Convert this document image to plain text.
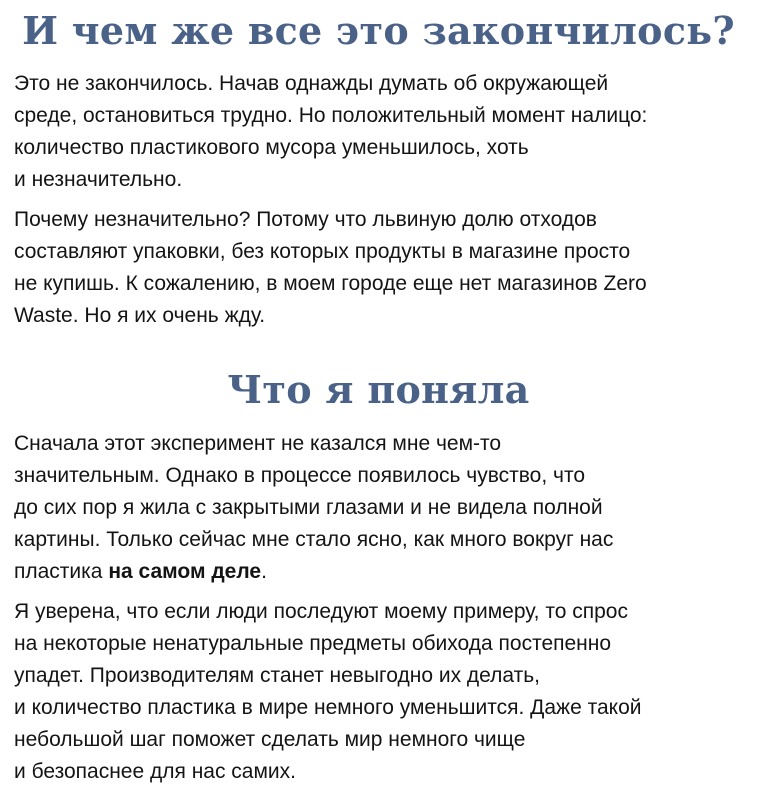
И чем же все это закончилось?

Это не закончилось. Начав однажды думать об окружающей
среде, остановиться трудно. Но положительный момент налицо:
количество пластикового мусора уменьшилось, хоть
и незначительно.

Почему незначительно? Потому что львиную долю отходов
составляют упаковки, без которых продукты в магазине просто
не купишь. К сожалению, в моем городе еще нет магазинов Zero
Waste. Но я их очень жду.

Что я поняла

Сначала этот эксперимент не казался мне чем-то
значительным. Однако в процессе появилось чувство, что
до сих пор я жила с закрытыми глазами и не видела полной
картины. Только сейчас мне стало ясно, как много вокруг нас
пластика на самом деле.

Я уверена, что если люди последуют моему примеру, то спрос
на некоторые ненатуральные предметы обихода постепенно
упадет. Производителям станет невыгодно их делать,
и количество пластика в мире немного уменьшится. Даже такой
небольшой шаг поможет сделать мир немного чище
и безопаснее для нас самих.
